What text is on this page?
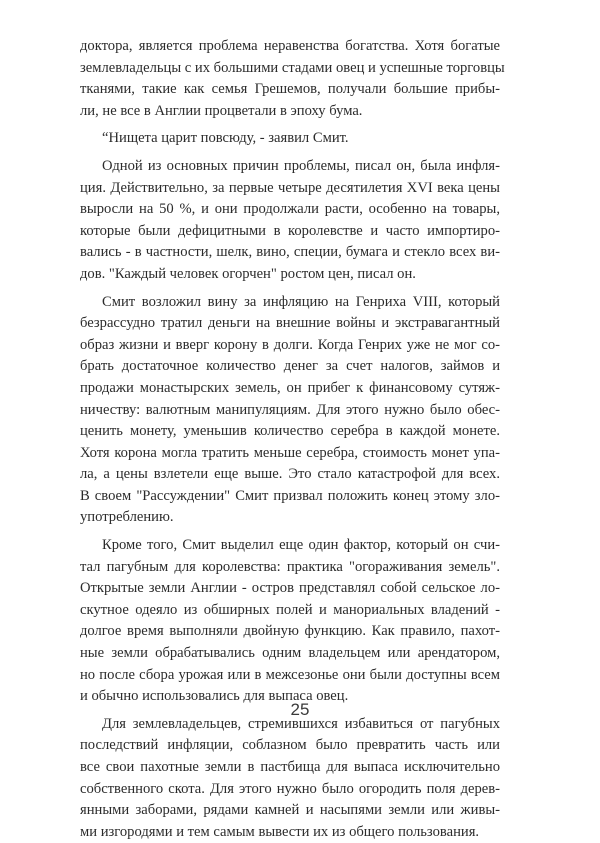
доктора, является проблема неравенства богатства. Хотя богатые
землевладельцы с их большими стадами овец и успешные торговцы
тканями, такие как семья Грешемов, получали большие прибы-
ли, не все в Англии процветали в эпоху бума.
“Нищета царит повсюду, - заявил Смит.
Одной из основных причин проблемы, писал он, была инфля-
ция. Действительно, за первые четыре десятилетия XVI века цены
выросли на 50 %, и они продолжали расти, особенно на товары,
которые были дефицитными в королевстве и часто импортиро-
вались - в частности, шелк, вино, специи, бумага и стекло всех ви-
дов. "Каждый человек огорчен" ростом цен, писал он.
Смит возложил вину за инфляцию на Генриха VIII, который
безрассудно тратил деньги на внешние войны и экстравагантный
образ жизни и вверг корону в долги. Когда Генрих уже не мог со-
брать достаточное количество денег за счет налогов, займов и
продажи монастырских земель, он прибег к финансовому сутяж-
ничеству: валютным манипуляциям. Для этого нужно было обес-
ценить монету, уменьшив количество серебра в каждой монете.
Хотя корона могла тратить меньше серебра, стоимость монет упа-
ла, а цены взлетели еще выше. Это стало катастрофой для всех.
В своем "Рассуждении" Смит призвал положить конец этому зло-
употреблению.
Кроме того, Смит выделил еще один фактор, который он счи-
тал пагубным для королевства: практика "огораживания земель".
Открытые земли Англии - остров представлял собой сельское ло-
скутное одеяло из обширных полей и манориальных владений -
долгое время выполняли двойную функцию. Как правило, пахот-
ные земли обрабатывались одним владельцем или арендатором,
но после сбора урожая или в межсезонье они были доступны всем
и обычно использовались для выпаса овец.
Для землевладельцев, стремившихся избавиться от пагубных
последствий инфляции, соблазном было превратить часть или
все свои пахотные земли в пастбища для выпаса исключительно
собственного скота. Для этого нужно было огородить поля дерев-
янными заборами, рядами камней и насыпями земли или живы-
ми изгородями и тем самым вывести их из общего пользования.
25
